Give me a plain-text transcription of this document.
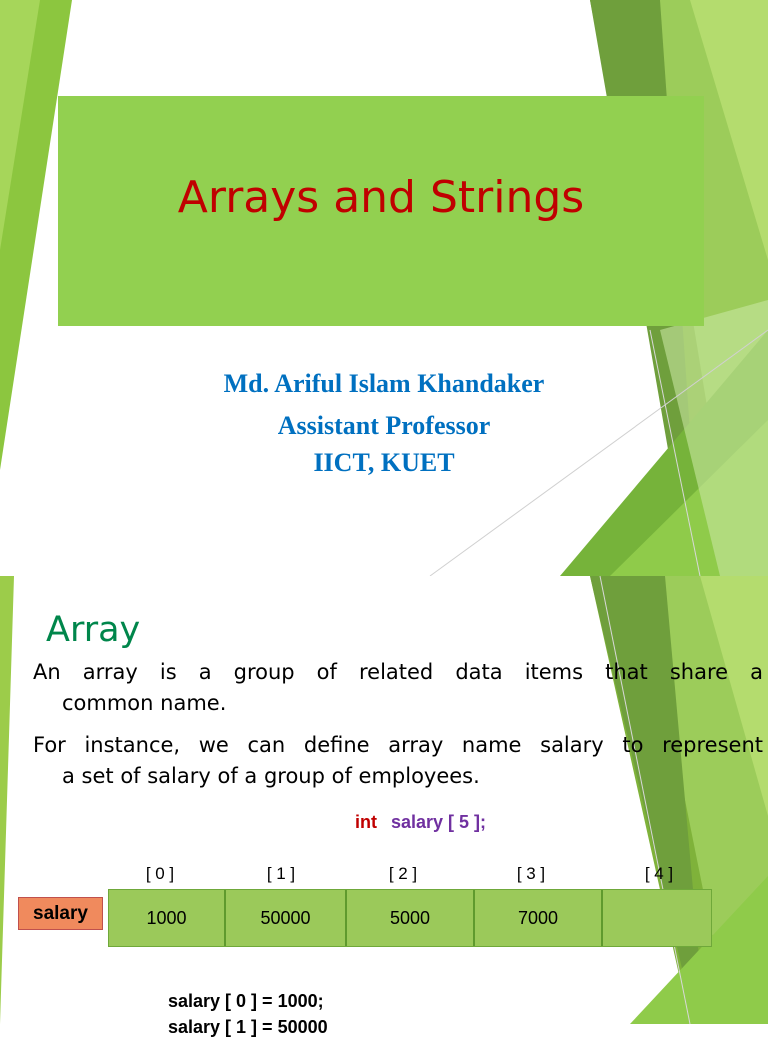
Arrays and Strings
Md. Ariful Islam Khandaker
Assistant Professor
IICT, KUET
Array
An array is a group of related data items that share a
common name.
For instance, we can define array name salary to represent
a set of salary of a group of employees.
int salary [ 5 ];
[ 0 ]	[ 1 ]	[ 2 ]	[ 3 ]	[ 4 ]
salary	1000	50000	5000	7000
salary [ 0 ] = 1000;
salary [ 1 ] = 50000
